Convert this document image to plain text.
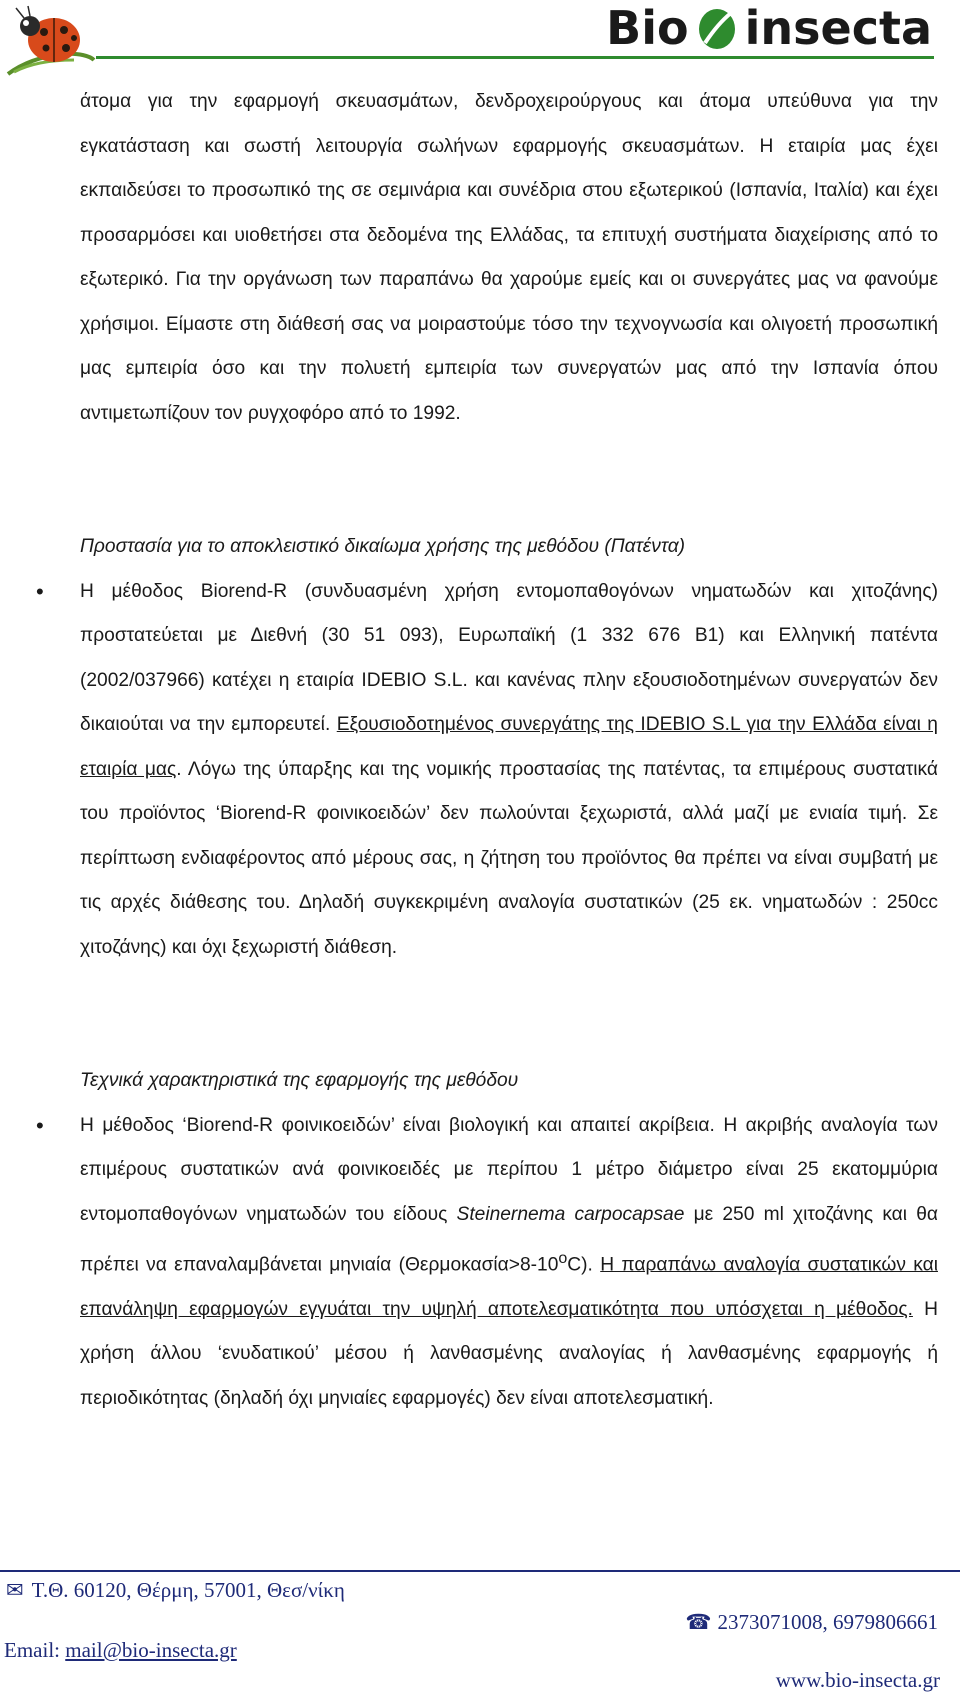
Bio insecta

άτομα για την εφαρμογή σκευασμάτων, δενδροχειρούργους και άτομα υπεύθυνα για την εγκατάσταση και σωστή λειτουργία σωλήνων εφαρμογής σκευασμάτων. Η εταιρία μας έχει εκπαιδεύσει το προσωπικό της σε σεμινάρια και συνέδρια στου εξωτερικού (Ισπανία, Ιταλία) και έχει προσαρμόσει και υιοθετήσει στα δεδομένα της Ελλάδας, τα επιτυχή συστήματα διαχείρισης από το εξωτερικό. Για την οργάνωση των παραπάνω θα χαρούμε εμείς και οι συνεργάτες μας να φανούμε χρήσιμοι. Είμαστε στη διάθεσή σας να μοιραστούμε τόσο την τεχνογνωσία και ολιγοετή προσωπική μας εμπειρία όσο και την πολυετή εμπειρία των συνεργατών μας από την Ισπανία όπου αντιμετωπίζουν τον ρυγχοφόρο από το 1992.

Προστασία για το αποκλειστικό δικαίωμα χρήσης της μεθόδου (Πατέντα)

• Η μέθοδος Biorend-R (συνδυασμένη χρήση εντομοπαθογόνων νηματωδών και χιτοζάνης) προστατεύεται με Διεθνή (30 51 093), Ευρωπαϊκή (1 332 676 B1) και Ελληνική πατέντα (2002/037966) κατέχει η εταιρία IDEBIO S.L. και κανένας πλην εξουσιοδοτημένων συνεργατών δεν δικαιούται να την εμπορευτεί. Εξουσιοδοτημένος συνεργάτης της IDEBIO S.L για την Ελλάδα είναι η εταιρία μας. Λόγω της ύπαρξης και της νομικής προστασίας της πατέντας, τα επιμέρους συστατικά του προϊόντος ‘Biorend-R φοινικοειδών’ δεν πωλούνται ξεχωριστά, αλλά μαζί με ενιαία τιμή. Σε περίπτωση ενδιαφέροντος από μέρους σας, η ζήτηση του προϊόντος θα πρέπει να είναι συμβατή με τις αρχές διάθεσης του. Δηλαδή συγκεκριμένη αναλογία συστατικών (25 εκ. νηματωδών : 250cc χιτοζάνης) και όχι ξεχωριστή διάθεση.

Τεχνικά χαρακτηριστικά της εφαρμογής της μεθόδου

• Η μέθοδος ‘Biorend-R φοινικοειδών’ είναι βιολογική και απαιτεί ακρίβεια. Η ακριβής αναλογία των επιμέρους συστατικών ανά φοινικοειδές με περίπου 1 μέτρο διάμετρο είναι 25 εκατομμύρια εντομοπαθογόνων νηματωδών του είδους Steinernema carpocapsae με 250 ml χιτοζάνης και θα πρέπει να επαναλαμβάνεται μηνιαία $(\Theta\varepsilon\rho\mu o\kappa\alpha\sigma ί\alpha>8-10^oC)$. Η παραπάνω αναλογία συστατικών και επανάληψη εφαρμογών εγγυάται την υψηλή αποτελεσματικότητα που υπόσχεται η μέθοδος. Η χρήση άλλου ‘ενυδατικού’ μέσου ή λανθασμένης αναλογίας ή λανθασμένης εφαρμογής ή περιοδικότητας (δηλαδή όχι μηνιαίες εφαρμογές) δεν είναι αποτελεσματική.

✉ Τ.Θ. 60120, Θέρμη, 57001, Θεσ/νίκη
☎ 2373071008, 6979806661
Email: mail@bio-insecta.gr
www.bio-insecta.gr
